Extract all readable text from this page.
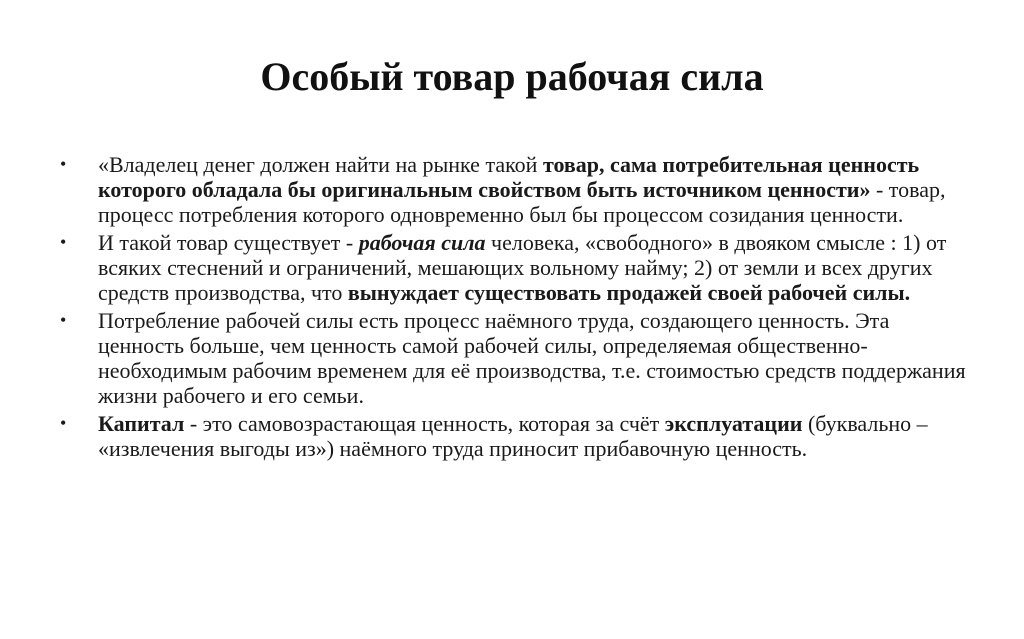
Особый товар рабочая сила
•	«Владелец денег должен найти на рынке такой товар, сама потребительная ценность которого обладала бы оригинальным свойством быть источником ценности» - товар, процесс потребления которого одновременно был бы процессом созидания ценности.
•	И такой товар существует - рабочая сила человека, «свободного» в двояком смысле : 1) от всяких стеснений и ограничений, мешающих вольному найму; 2) от земли и всех других средств производства, что вынуждает существовать продажей своей рабочей силы.
•	Потребление рабочей силы есть процесс наёмного труда, создающего ценность. Эта ценность больше, чем ценность самой рабочей силы, определяемая общественно-необходимым рабочим временем для её производства, т.е. стоимостью средств поддержания жизни рабочего и его семьи.
•	Капитал - это самовозрастающая ценность, которая за счёт эксплуатации (буквально – «извлечения выгоды из») наёмного труда приносит прибавочную ценность.
